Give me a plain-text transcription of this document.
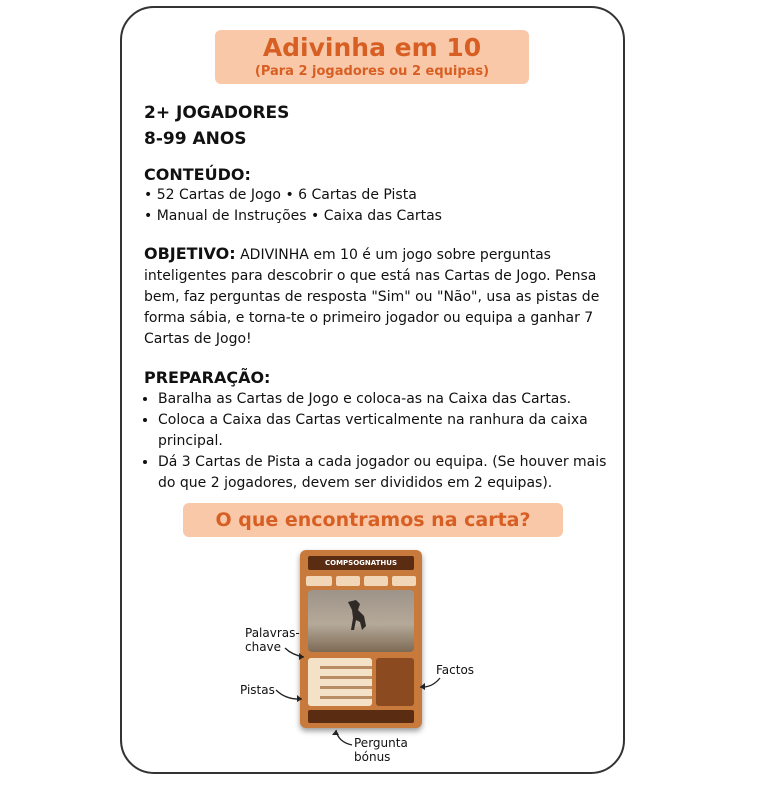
Adivinha em 10
(Para 2 jogadores ou 2 equipas)
2+ JOGADORES
8-99 ANOS
CONTEÚDO:
• 52 Cartas de Jogo • 6 Cartas de Pista
• Manual de Instruções • Caixa das Cartas
OBJETIVO: ADIVINHA em 10 é um jogo sobre perguntas inteligentes para descobrir o que está nas Cartas de Jogo. Pensa bem, faz perguntas de resposta "Sim" ou "Não", usa as pistas de forma sábia, e torna-te o primeiro jogador ou equipa a ganhar 7 Cartas de Jogo!
PREPARAÇÃO:
• Baralha as Cartas de Jogo e coloca-as na Caixa das Cartas.
• Coloca a Caixa das Cartas verticalmente na ranhura da caixa principal.
• Dá 3 Cartas de Pista a cada jogador ou equipa. (Se houver mais do que 2 jogadores, devem ser divididos em 2 equipas).
O que encontramos na carta?
COMPSOGNATHUS
Palavras-
chave
Pistas
Factos
Pergunta
bónus
